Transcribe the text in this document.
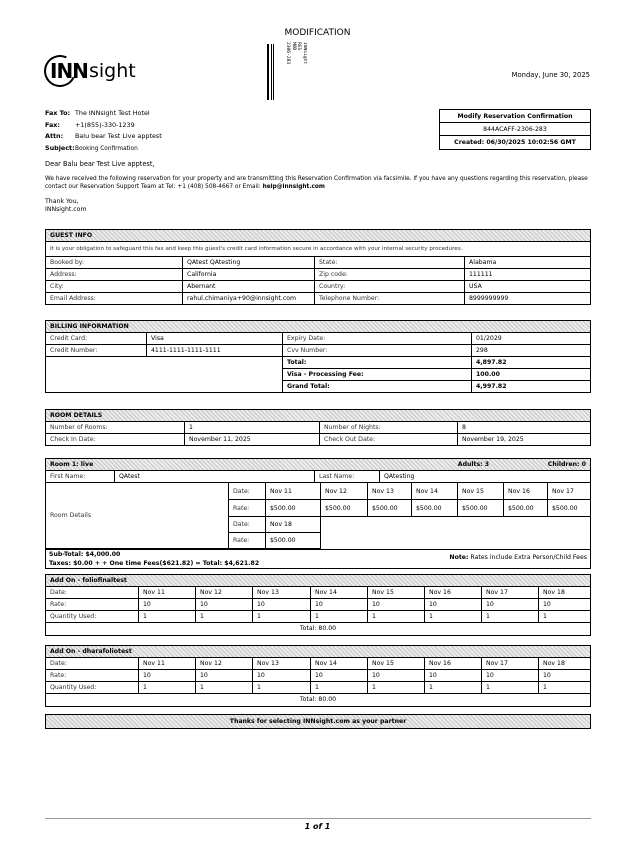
MODIFICATION
INNsight
RES
MOD
2306-283
INN sight	Monday, June 30, 2025
Fax To: The INNsight Test Hotel
Fax: +1(855)-330-1239
Attn: Balu bear Test Live apptest
Subject:Booking Confirmation
Modify Reservation Confirmation
844ACAFF-2306-283
Created: 06/30/2025 10:02:56 GMT
Dear Balu bear Test Live apptest,
We have received the following reservation for your property and are transmitting this Reservation Confirmation via facsimile. If you have any questions regarding this reservation, please contact our Reservation Support Team at Tel: +1 (408) 508-4667 or Email: help@innsight.com
Thank You,
INNsight.com
GUEST INFO
It is your obligation to safeguard this fax and keep this guest's credit card information secure in accordance with your internal security procedures.
Booked by:	QAtest QAtesting	State:	Alabama
Address:	California	Zip code:	111111
City:	Abernant	Country:	USA
Email Address:	rahul.chimaniya+90@innsight.com	Telephone Number:	8999999999
BILLING INFORMATION
Credit Card:	Visa	Expiry Date:	01/2029
Credit Number:	4111-1111-1111-1111	Cvv Number:	298
		Total:	4,897.82
		Visa - Processing Fee:	100.00
		Grand Total:	4,997.82
ROOM DETAILS
Number of Rooms:	1	Number of Nights:	8
Check In Date:	November 11, 2025	Check Out Date:	November 19, 2025
Room 1: live	Adults: 3	Children: 0
First Name:	QAtest	Last Name:	QAtesting
Room Details	Date:	Nov 11	Nov 12	Nov 13	Nov 14	Nov 15	Nov 16	Nov 17
	Rate:	$500.00	$500.00	$500.00	$500.00	$500.00	$500.00	$500.00
	Date:	Nov 18						
	Rate:	$500.00						
Sub-Total: $4,000.00
Taxes: $0.00 + + One time Fees($621.82) = Total: $4,621.82
Note: Rates include Extra Person/Child Fees
Add On - foliofinaltest
Date:	Nov 11	Nov 12	Nov 13	Nov 14	Nov 15	Nov 16	Nov 17	Nov 18
Rate:	10	10	10	10	10	10	10	10
Quantity Used:	1	1	1	1	1	1	1	1
Total: 80.00
Add On - dharafoliotest
Date:	Nov 11	Nov 12	Nov 13	Nov 14	Nov 15	Nov 16	Nov 17	Nov 18
Rate:	10	10	10	10	10	10	10	10
Quantity Used:	1	1	1	1	1	1	1	1
Total: 80.00
Thanks for selecting INNsight.com as your partner
1 of 1
